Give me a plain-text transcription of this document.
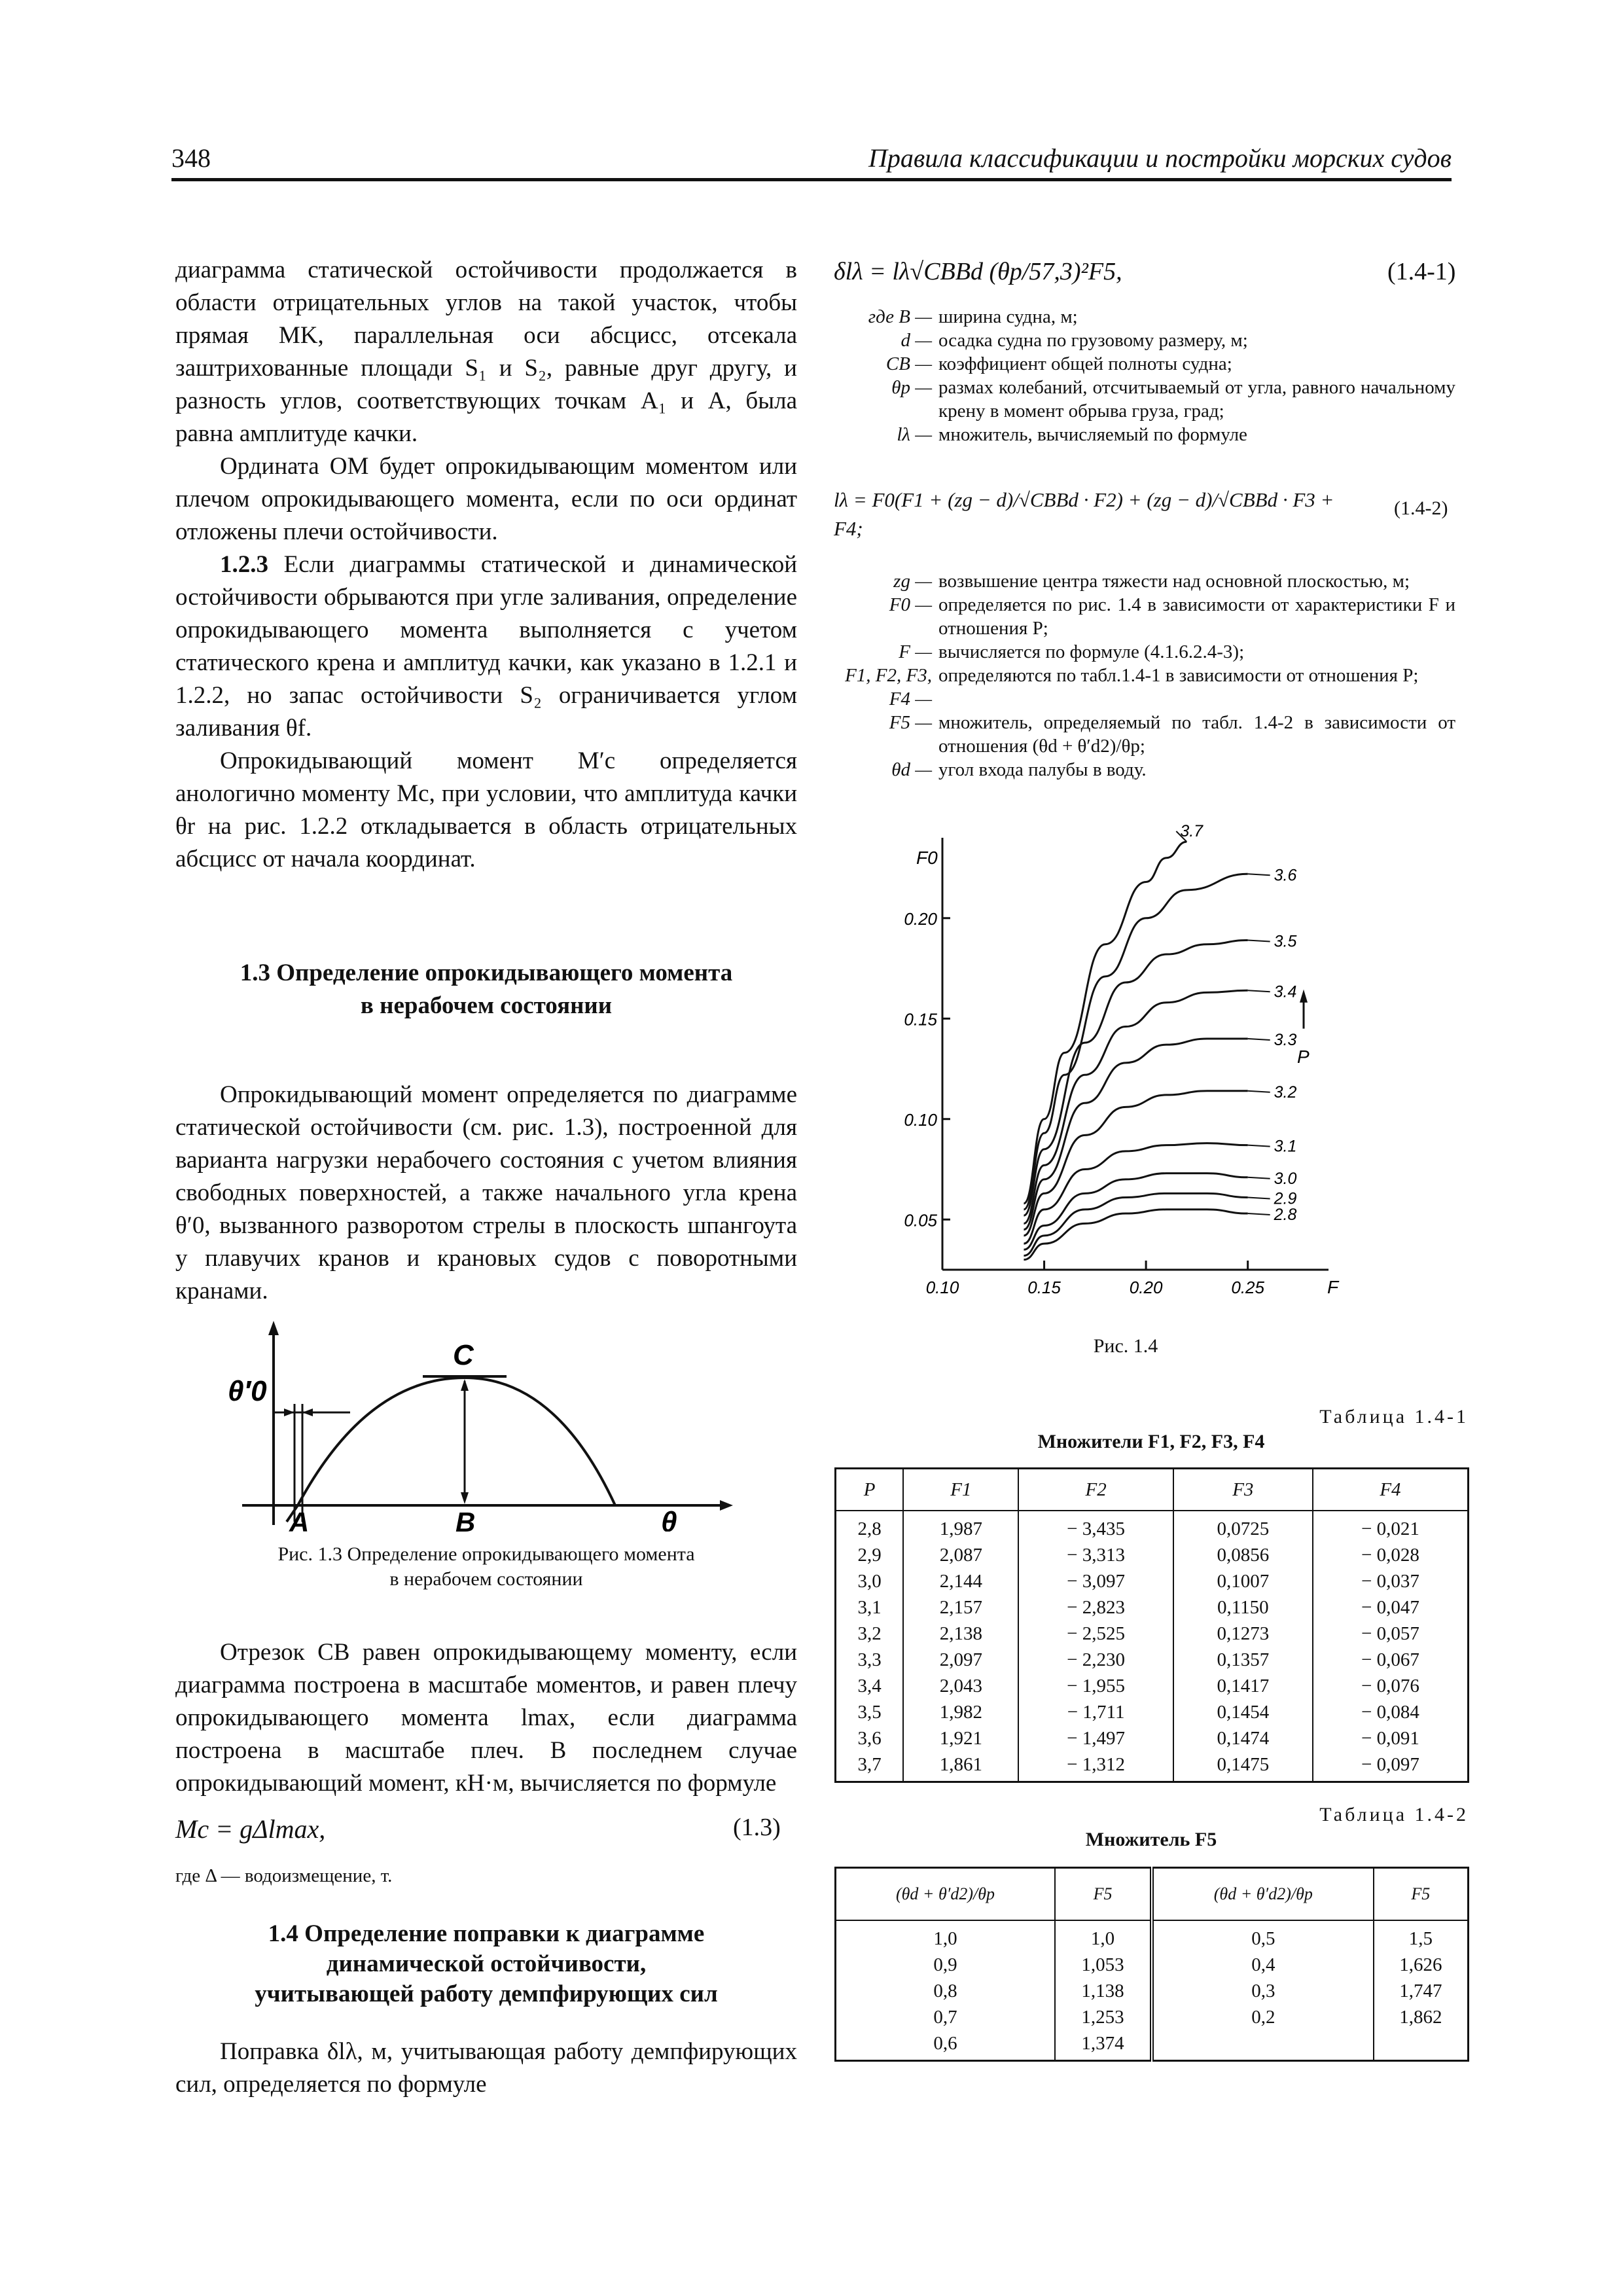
348	Правила классификации и постройки морских судов

диаграмма статической остойчивости продолжается в области отрицательных углов на такой участок, чтобы прямая MK, параллельная оси абсцисс, отсекала заштрихованные площади S₁ и S₂, равные друг другу, и разность углов, соответствующих точкам A₁ и A, была равна амплитуде качки.

Ордината OM будет опрокидывающим моментом или плечом опрокидывающего момента, если по оси ординат отложены плечи остойчивости.

1.2.3 Если диаграммы статической и динамической остойчивости обрываются при угле заливания, определение опрокидывающего момента выполняется с учетом статического крена и амплитуд качки, как указано в 1.2.1 и 1.2.2, но запас остойчивости S₂ ограничивается углом заливания θf.

Опрокидывающий момент M′c определяется анологично моменту Mc, при условии, что амплитуда качки θr на рис. 1.2.2 откладывается в область отрицательных абсцисс от начала координат.

1.3 Определение опрокидывающего момента
в нерабочем состоянии

Опрокидывающий момент определяется по диаграмме статической остойчивости (см. рис. 1.3), построенной для варианта нагрузки нерабочего состояния с учетом влияния свободных поверхностей, а также начального угла крена θ′0, вызванного разворотом стрелы в плоскость шпангоута у плавучих кранов и крановых судов с поворотными кранами.

θ′0
C
A	B	θ
Рис. 1.3 Определение опрокидывающего момента
в нерабочем состоянии

Отрезок CB равен опрокидывающему моменту, если диаграмма построена в масштабе моментов, и равен плечу опрокидывающего момента lmax, если диаграмма построена в масштабе плеч. В последнем случае опрокидывающий момент, кН·м, вычисляется по формуле

Mc = gΔlmax,	(1.3)
где Δ — водоизмещение, т.
1.4 Определение поправки к диаграмме
динамической остойчивости,
учитывающей работу демпфирующих сил

Поправка δlλ, м, учитывающая работу демпфирующих сил, определяется по формуле

δlλ = lλ√CBBd (θp/57,3)²F5,	(1.4-1)
где B — ширина судна, м;
d — осадка судна по грузовому размеру, м;
CB — коэффициент общей полноты судна;
θp — размах колебаний, отсчитываемый от угла, равного начальному крену в момент обрыва груза, град;
lλ — множитель, вычисляемый по формуле
lλ = F0(F1 + (zg − d)/√CBBd · F2) + (zg − d)/√CBBd · F3 + F4;
(1.4-2)
zg — возвышение центра тяжести над основной плоскостью, м;
F0 — определяется по рис. 1.4 в зависимости от характеристики F и отношения P;
F — вычисляется по формуле (4.1.6.2.4-3);
F1, F2, F3, F4 —
определяются по табл.1.4-1 в зависимости от отношения P;
F5 — множитель, определяемый по табл. 1.4-2 в зависимости от отношения (θd + θ′d2)/θp;
θd — угол входа палубы в воду.
0.05
0.10
0.15
0.20
0.10	0.15	0.20	0.25	F
F0
2.8
2.9
3.0
3.1
3.2
3.3
3.4
3.5
3.6
3.7
P
Рис. 1.4
Таблица 1.4-1
Множители F1, F2, F3, F4
P	F1	F2	F3	F4
2,8	1,987	− 3,435	0,0725	− 0,021
2,9	2,087	− 3,313	0,0856	− 0,028
3,0	2,144	− 3,097	0,1007	− 0,037
3,1	2,157	− 2,823	0,1150	− 0,047
3,2	2,138	− 2,525	0,1273	− 0,057
3,3	2,097	− 2,230	0,1357	− 0,067
3,4	2,043	− 1,955	0,1417	− 0,076
3,5	1,982	− 1,711	0,1454	− 0,084
3,6	1,921	− 1,497	0,1474	− 0,091
3,7	1,861	− 1,312	0,1475	− 0,097
Таблица 1.4-2
Множитель F5
(θd + θ′d2)/θp	F5	(θd + θ′d2)/θp	F5
1,0	1,0	0,5	1,5
0,9	1,053	0,4	1,626
0,8	1,138	0,3	1,747
0,7	1,253	0,2	1,862
0,6	1,374		
